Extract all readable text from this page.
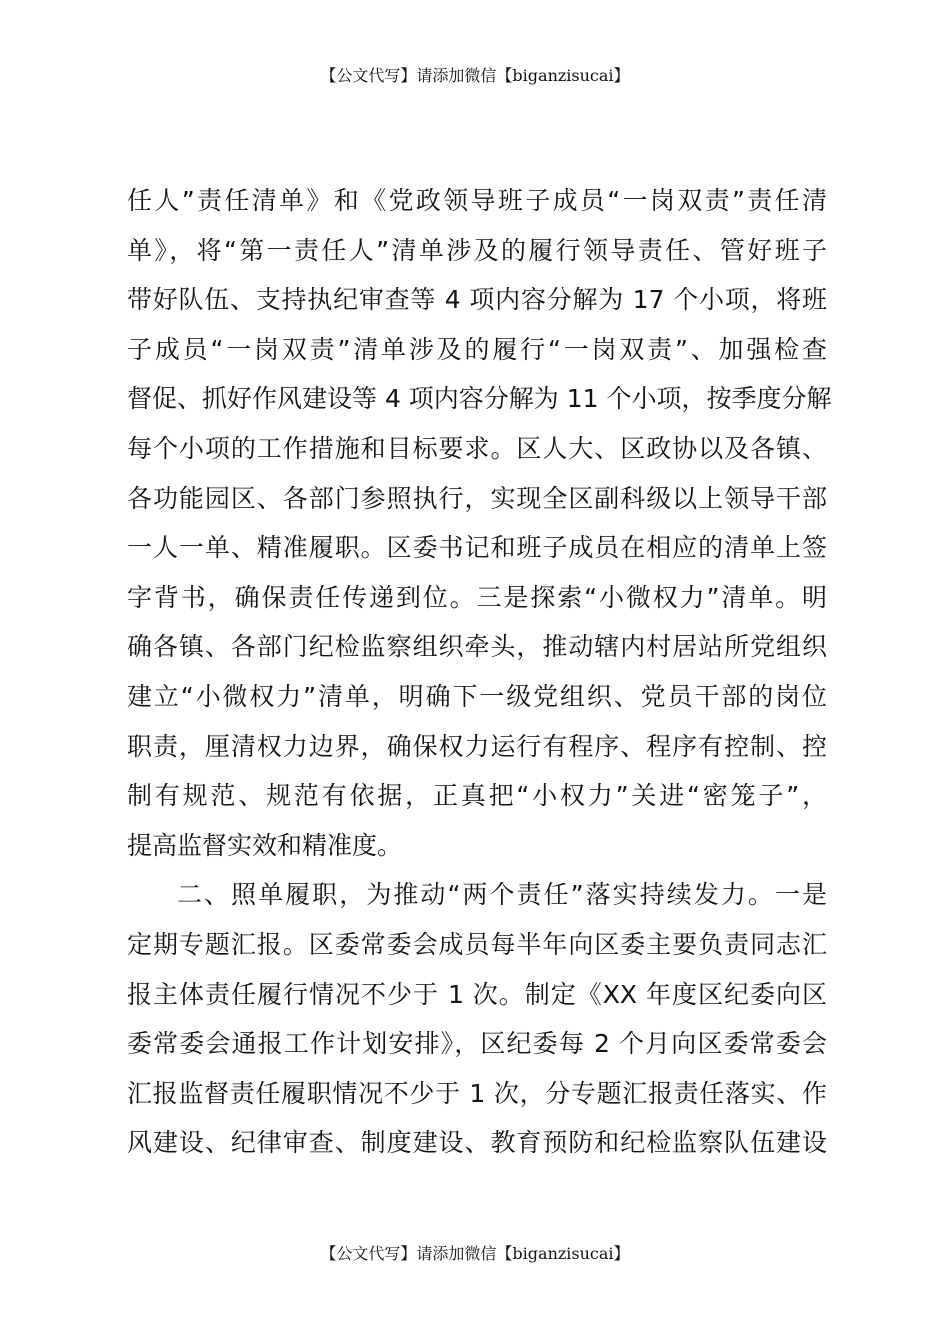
【公文代写】请添加微信【biganzisucai】
任人”责任清单》和《党政领导班子成员“一岗双责”责任清
单》，将“第一责任人”清单涉及的履行领导责任、管好班子
带好队伍、支持执纪审查等 4 项内容分解为 17 个小项，将班
子成员“一岗双责”清单涉及的履行“一岗双责”、加强检查
督促、抓好作风建设等 4 项内容分解为 11 个小项，按季度分解
每个小项的工作措施和目标要求。区人大、区政协以及各镇、
各功能园区、各部门参照执行，实现全区副科级以上领导干部
一人一单、精准履职。区委书记和班子成员在相应的清单上签
字背书，确保责任传递到位。三是探索“小微权力”清单。明
确各镇、各部门纪检监察组织牵头，推动辖内村居站所党组织
建立“小微权力”清单，明确下一级党组织、党员干部的岗位
职责，厘清权力边界，确保权力运行有程序、程序有控制、控
制有规范、规范有依据，正真把“小权力”关进“密笼子”，
提高监督实效和精准度。
二、照单履职，为推动“两个责任”落实持续发力。一是
定期专题汇报。区委常委会成员每半年向区委主要负责同志汇
报主体责任履行情况不少于 1 次。制定《XX 年度区纪委向区
委常委会通报工作计划安排》，区纪委每 2 个月向区委常委会
汇报监督责任履职情况不少于 1 次，分专题汇报责任落实、作
风建设、纪律审查、制度建设、教育预防和纪检监察队伍建设
【公文代写】请添加微信【biganzisucai】
